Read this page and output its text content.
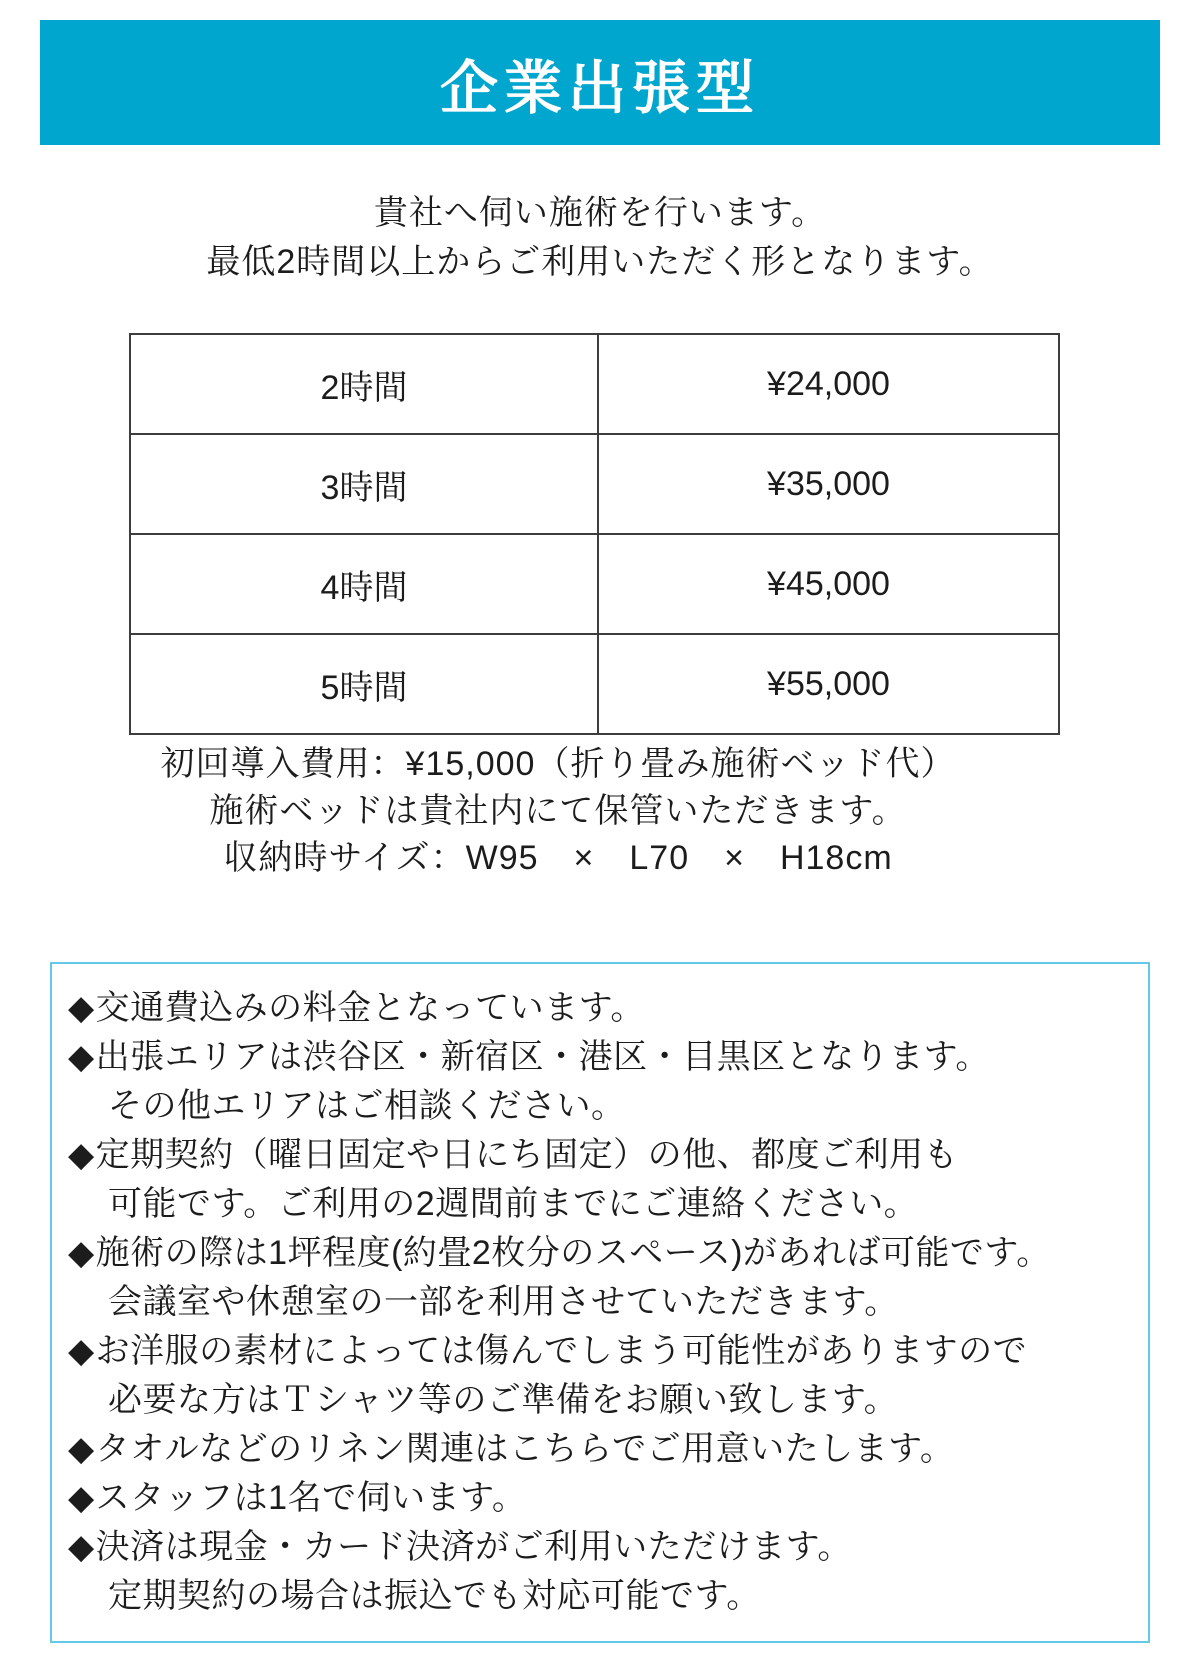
企業出張型
貴社へ伺い施術を行います。
最低2時間以上からご利用いただく形となります。
2時間	¥24,000
3時間	¥35,000
4時間	¥45,000
5時間	¥55,000
初回導入費用：¥15,000（折り畳み施術ベッド代）
施術ベッドは貴社内にて保管いただきます。
収納時サイズ：W95　×　L70　×　H18cm
◆交通費込みの料金となっています。
◆出張エリアは渋谷区・新宿区・港区・目黒区となります。
その他エリアはご相談ください。
◆定期契約（曜日固定や日にち固定）の他、都度ご利用も
可能です。ご利用の2週間前までにご連絡ください。
◆施術の際は1坪程度(約畳2枚分のスペース)があれば可能です。
会議室や休憩室の一部を利用させていただきます。
◆お洋服の素材によっては傷んでしまう可能性がありますので
必要な方はＴシャツ等のご準備をお願い致します。
◆タオルなどのリネン関連はこちらでご用意いたします。
◆スタッフは1名で伺います。
◆決済は現金・カード決済がご利用いただけます。
定期契約の場合は振込でも対応可能です。
